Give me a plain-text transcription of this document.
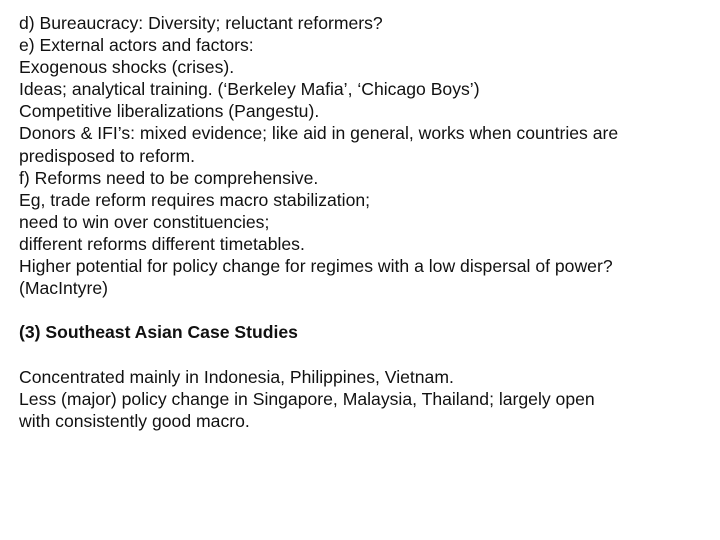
d) Bureaucracy: Diversity; reluctant reformers?
e) External actors and factors:
Exogenous shocks (crises).
Ideas; analytical training. (‘Berkeley Mafia’, ‘Chicago Boys’)
Competitive liberalizations (Pangestu).
Donors & IFI’s: mixed evidence; like aid in general, works when countries are
predisposed to reform.
f) Reforms need to be comprehensive.
Eg, trade reform requires macro stabilization;
need to win over constituencies;
different reforms different timetables.
Higher potential for policy change for regimes with a low dispersal of power?
(MacIntyre)
(3) Southeast Asian Case Studies
Concentrated mainly in Indonesia, Philippines, Vietnam.
Less (major) policy change in Singapore, Malaysia, Thailand; largely open
with consistently good macro.
